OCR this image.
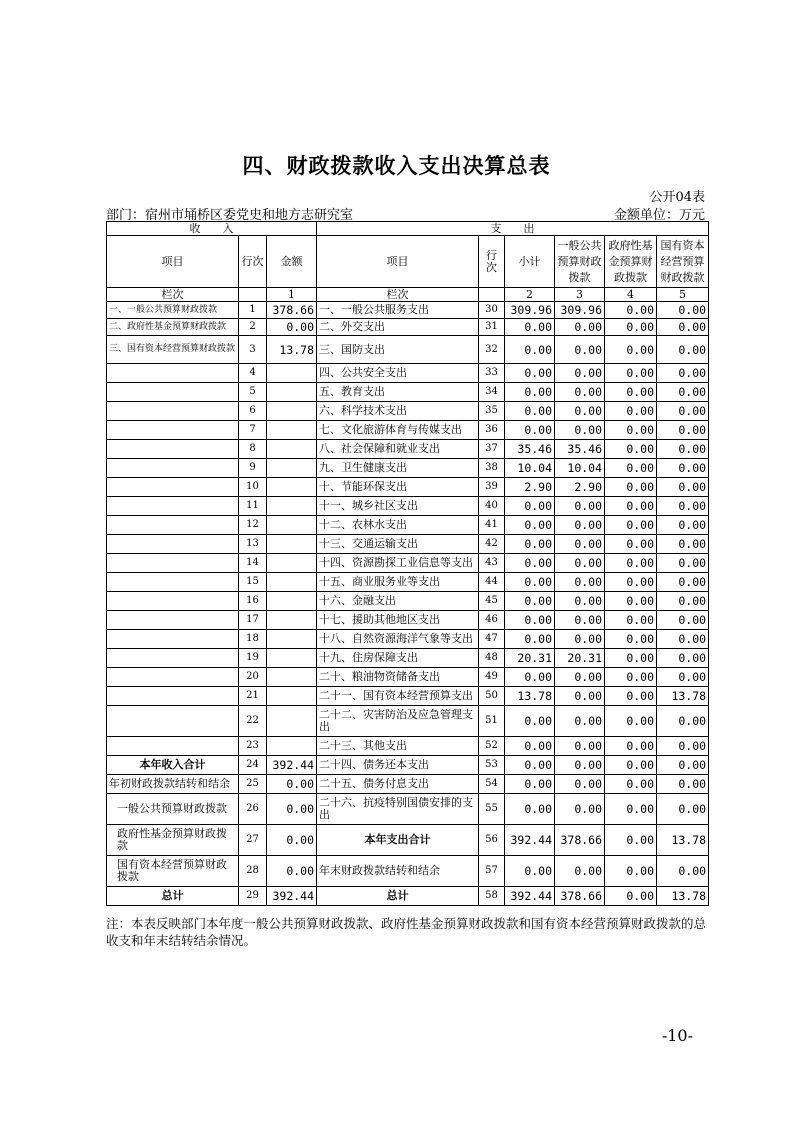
四、财政拨款收入支出决算总表
公开04表
部门：宿州市埇桥区委党史和地方志研究室	金额单位：万元
收　　入			支　　出					
项目	行次	金额	项目	行次	小计	一般公共预算财政拨款	政府性基金预算财政拨款	国有资本经营预算财政拨款
栏次		1	栏次		2	3	4	5
一、一般公共预算财政拨款	1	378.66	一、一般公共服务支出	30	309.96	309.96	0.00	0.00
二、政府性基金预算财政拨款	2	0.00	二、外交支出	31	0.00	0.00	0.00	0.00
三、国有资本经营预算财政拨款	3	13.78	三、国防支出	32	0.00	0.00	0.00	0.00
	4		四、公共安全支出	33	0.00	0.00	0.00	0.00
	5		五、教育支出	34	0.00	0.00	0.00	0.00
	6		六、科学技术支出	35	0.00	0.00	0.00	0.00
	7		七、文化旅游体育与传媒支出	36	0.00	0.00	0.00	0.00
	8		八、社会保障和就业支出	37	35.46	35.46	0.00	0.00
	9		九、卫生健康支出	38	10.04	10.04	0.00	0.00
	10		十、节能环保支出	39	2.90	2.90	0.00	0.00
	11		十一、城乡社区支出	40	0.00	0.00	0.00	0.00
	12		十二、农林水支出	41	0.00	0.00	0.00	0.00
	13		十三、交通运输支出	42	0.00	0.00	0.00	0.00
	14		十四、资源勘探工业信息等支出	43	0.00	0.00	0.00	0.00
	15		十五、商业服务业等支出	44	0.00	0.00	0.00	0.00
	16		十六、金融支出	45	0.00	0.00	0.00	0.00
	17		十七、援助其他地区支出	46	0.00	0.00	0.00	0.00
	18		十八、自然资源海洋气象等支出	47	0.00	0.00	0.00	0.00
	19		十九、住房保障支出	48	20.31	20.31	0.00	0.00
	20		二十、粮油物资储备支出	49	0.00	0.00	0.00	0.00
	21		二十一、国有资本经营预算支出	50	13.78	0.00	0.00	13.78
	22		二十二、灾害防治及应急管理支出	51	0.00	0.00	0.00	0.00
	23		二十三、其他支出	52	0.00	0.00	0.00	0.00
本年收入合计	24	392.44	二十四、债务还本支出	53	0.00	0.00	0.00	0.00
年初财政拨款结转和结余	25	0.00	二十五、债务付息支出	54	0.00	0.00	0.00	0.00
一般公共预算财政拨款	26	0.00	二十六、抗疫特别国债安排的支出	55	0.00	0.00	0.00	0.00
政府性基金预算财政拨款	27	0.00	本年支出合计	56	392.44	378.66	0.00	13.78
国有资本经营预算财政拨款	28	0.00	年末财政拨款结转和结余	57	0.00	0.00	0.00	0.00
总计	29	392.44	总计	58	392.44	378.66	0.00	13.78
注：本表反映部门本年度一般公共预算财政拨款、政府性基金预算财政拨款和国有资本经营预算财政拨款的总收支和年末结转结余情况。
-10-
